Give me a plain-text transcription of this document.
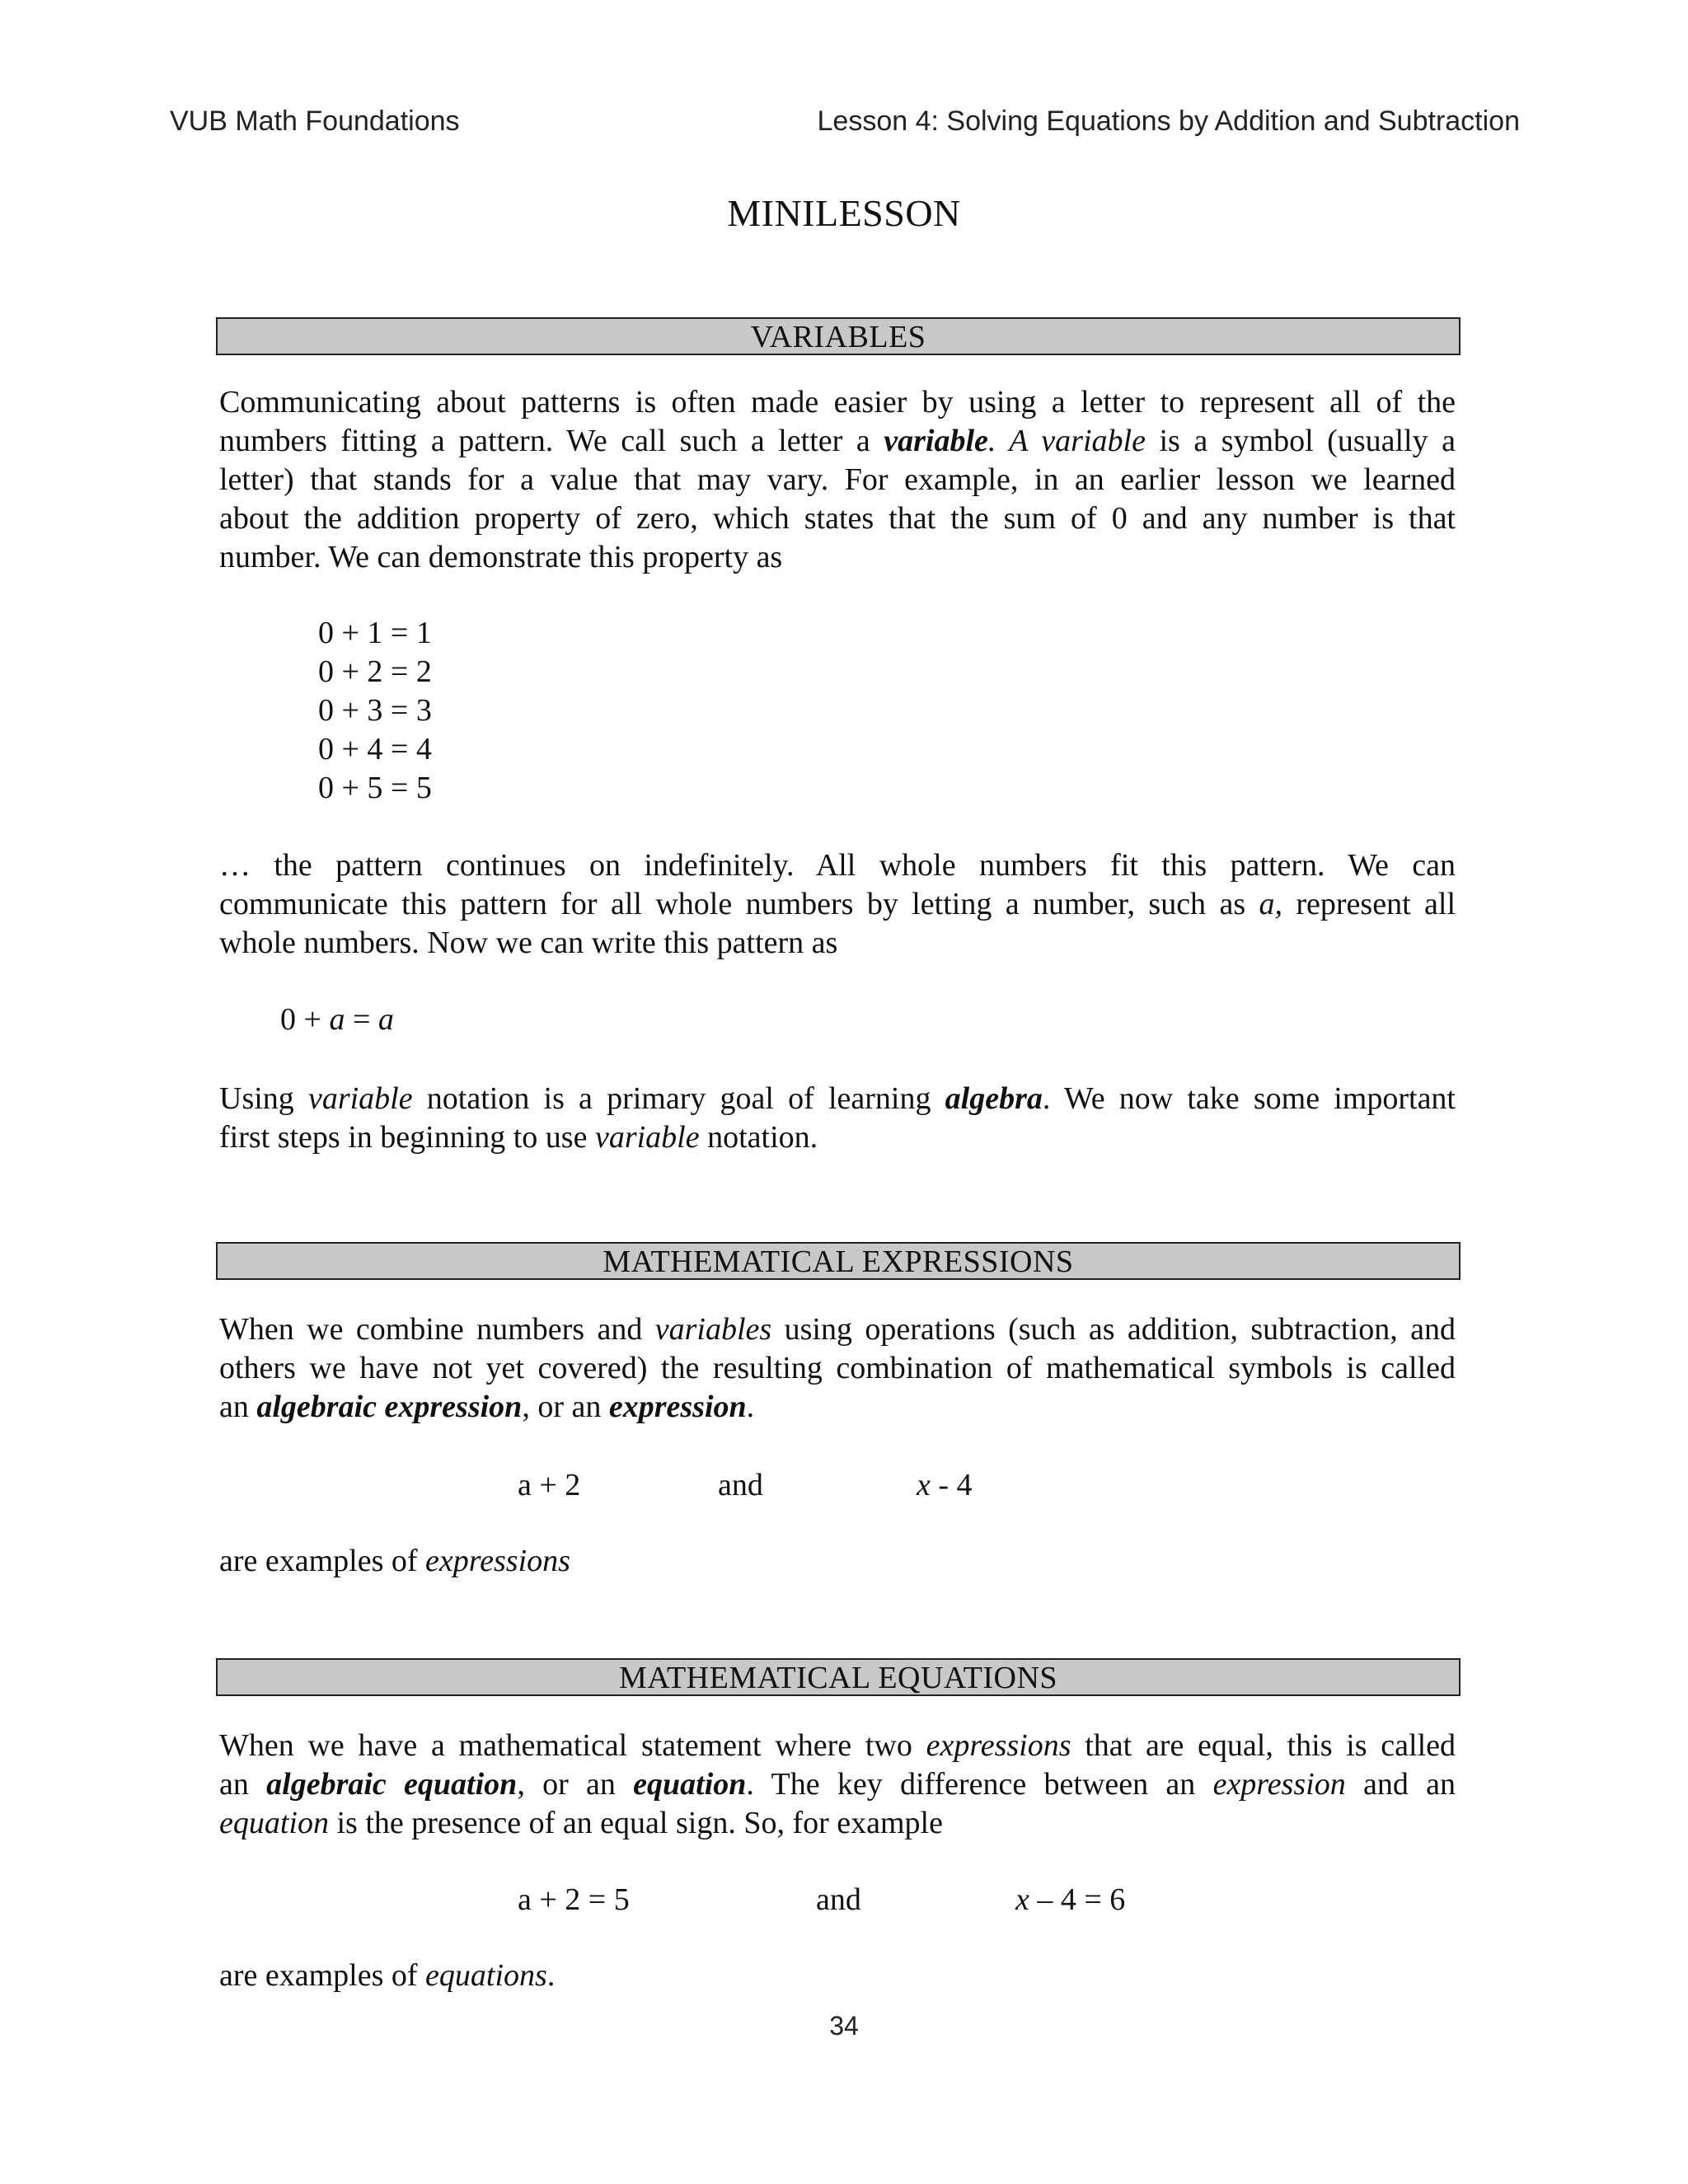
VUB Math Foundations	Lesson 4: Solving Equations by Addition and Subtraction
MINILESSON
VARIABLES
Communicating about patterns is often made easier by using a letter to represent all of the
numbers fitting a pattern. We call such a letter a variable. A variable is a symbol (usually a
letter) that stands for a value that may vary. For example, in an earlier lesson we learned
about the addition property of zero, which states that the sum of 0 and any number is that
number. We can demonstrate this property as
0 + 1 = 1
0 + 2 = 2
0 + 3 = 3
0 + 4 = 4
0 + 5 = 5
… the pattern continues on indefinitely. All whole numbers fit this pattern. We can
communicate this pattern for all whole numbers by letting a number, such as a, represent all
whole numbers. Now we can write this pattern as
0 + a = a
Using variable notation is a primary goal of learning algebra. We now take some important
first steps in beginning to use variable notation.
MATHEMATICAL EXPRESSIONS
When we combine numbers and variables using operations (such as addition, subtraction, and
others we have not yet covered) the resulting combination of mathematical symbols is called
an algebraic expression, or an expression.
a + 2	and	x - 4
are examples of expressions
MATHEMATICAL EQUATIONS
When we have a mathematical statement where two expressions that are equal, this is called
an algebraic equation, or an equation. The key difference between an expression and an
equation is the presence of an equal sign. So, for example
a + 2 = 5	and	x – 4 = 6
are examples of equations.
34
